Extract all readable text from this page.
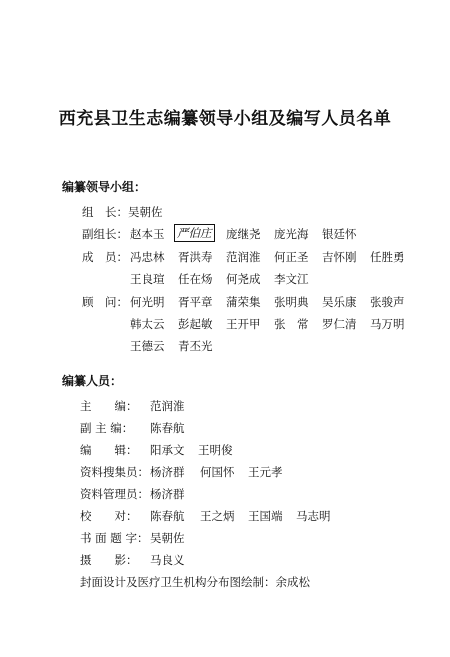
西充县卫生志编纂领导小组及编写人员名单
编纂领导小组：
组　长：吴朝佐
副组长： 赵本玉 严伯庄 庞继尧 庞光海 银廷怀
成　员： 冯忠林 胥洪寿 范润淮 何正圣 吉怀刚 任胜勇
王良瑄 任在炀 何尧成 李文江
顾　问： 何光明 胥平章 蒲荣集 张明典 吴乐康 张骏声
韩太云 彭起敏 王开甲 张　常 罗仁清 马万明
王德云 青丕光
编纂人员：
主　　编： 范润淮
副 主 编： 陈春航
编　　辑： 阳承文 王明俊
资料搜集员： 杨济群 何国怀 王元孝
资料管理员： 杨济群
校　　对： 陈春航 王之炳 王国端 马志明
书 面 题 字： 吴朝佐
摄　　影： 马良义
封面设计及医疗卫生机构分布图绘制：余成松
